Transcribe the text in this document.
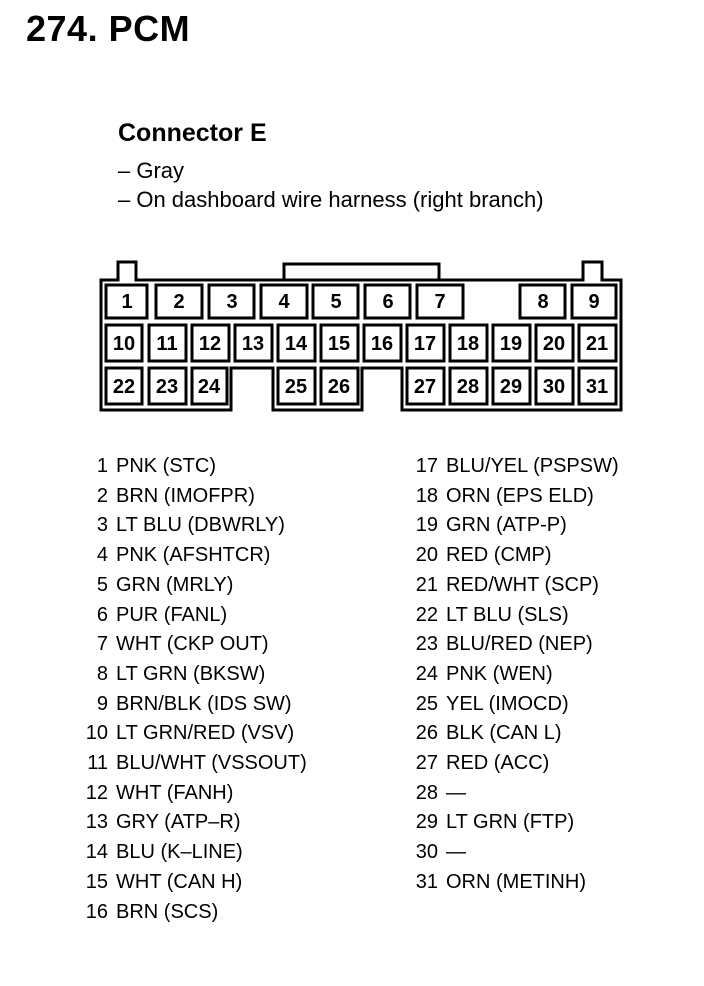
274. PCM
Connector E
– Gray
– On dashboard wire harness (right branch)
1 2 3 4 5 6 7	8 9
10 11 12 13 14 15 16 17 18 19 20 21
22 23 24	25 26	27 28 29 30 31
1 PNK (STC)
2 BRN (IMOFPR)
3 LT BLU (DBWRLY)
4 PNK (AFSHTCR)
5 GRN (MRLY)
6 PUR (FANL)
7 WHT (CKP OUT)
8 LT GRN (BKSW)
9 BRN/BLK (IDS SW)
10 LT GRN/RED (VSV)
11 BLU/WHT (VSSOUT)
12 WHT (FANH)
13 GRY (ATP–R)
14 BLU (K–LINE)
15 WHT (CAN H)
16 BRN (SCS)
17 BLU/YEL (PSPSW)
18 ORN (EPS ELD)
19 GRN (ATP-P)
20 RED (CMP)
21 RED/WHT (SCP)
22 LT BLU (SLS)
23 BLU/RED (NEP)
24 PNK (WEN)
25 YEL (IMOCD)
26 BLK (CAN L)
27 RED (ACC)
28 —
29 LT GRN (FTP)
30 —
31 ORN (METINH)
